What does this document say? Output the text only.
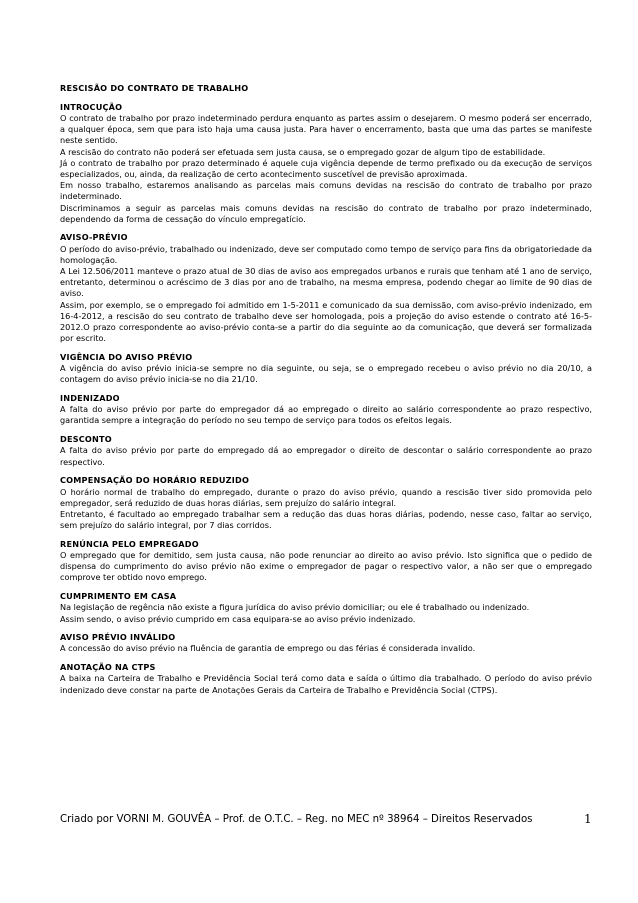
RESCISÃO DO CONTRATO DE TRABALHO

INTROCUÇÃO

O contrato de trabalho por prazo indeterminado perdura enquanto as partes assim o desejarem. O mesmo poderá ser encerrado, a qualquer época, sem que para isto haja uma causa justa. Para haver o encerramento, basta que uma das partes se manifeste neste sentido.

A rescisão do contrato não poderá ser efetuada sem justa causa, se o empregado gozar de algum tipo de estabilidade.

Já o contrato de trabalho por prazo determinado é aquele cuja vigência depende de termo prefixado ou da execução de serviços especializados, ou, ainda, da realização de certo acontecimento suscetível de previsão aproximada.

Em nosso trabalho, estaremos analisando as parcelas mais comuns devidas na rescisão do contrato de trabalho por prazo indeterminado.

Discriminamos a seguir as parcelas mais comuns devidas na rescisão do contrato de trabalho por prazo indeterminado, dependendo da forma de cessação do vínculo empregatício.

AVISO-PRÉVIO

O período do aviso-prévio, trabalhado ou indenizado, deve ser computado como tempo de serviço para fins da obrigatoriedade da homologação.

A Lei 12.506/2011 manteve o prazo atual de 30 dias de aviso aos empregados urbanos e rurais que tenham até 1 ano de serviço, entretanto, determinou o acréscimo de 3 dias por ano de trabalho, na mesma empresa, podendo chegar ao limite de 90 dias de aviso.

Assim, por exemplo, se o empregado foi admitido em 1-5-2011 e comunicado da sua demissão, com aviso-prévio indenizado, em 16-4-2012, a rescisão do seu contrato de trabalho deve ser homologada, pois a projeção do aviso estende o contrato até 16-5-2012.O prazo correspondente ao aviso-prévio conta-se a partir do dia seguinte ao da comunicação, que deverá ser formalizada por escrito.

VIGÊNCIA DO AVISO PRÉVIO

A vigência do aviso prévio inicia-se sempre no dia seguinte, ou seja, se o empregado recebeu o aviso prévio no dia 20/10, a contagem do aviso prévio inicia-se no dia 21/10.

INDENIZADO

A falta do aviso prévio por parte do empregador dá ao empregado o direito ao salário correspondente ao prazo respectivo, garantida sempre a integração do período no seu tempo de serviço para todos os efeitos legais.

DESCONTO

A falta do aviso prévio por parte do empregado dá ao empregador o direito de descontar o salário correspondente ao prazo respectivo.

COMPENSAÇÃO DO HORÁRIO REDUZIDO

O horário normal de trabalho do empregado, durante o prazo do aviso prévio, quando a rescisão tiver sido promovida pelo empregador, será reduzido de duas horas diárias, sem prejuízo do salário integral.

Entretanto, é facultado ao empregado trabalhar sem a redução das duas horas diárias, podendo, nesse caso, faltar ao serviço, sem prejuízo do salário integral, por 7 dias corridos.

RENÚNCIA PELO EMPREGADO

O empregado que for demitido, sem justa causa, não pode renunciar ao direito ao aviso prévio. Isto significa que o pedido de dispensa do cumprimento do aviso prévio não exime o empregador de pagar o respectivo valor, a não ser que o empregado comprove ter obtido novo emprego.

CUMPRIMENTO EM CASA

Na legislação de regência não existe a figura jurídica do aviso prévio domiciliar; ou ele é trabalhado ou indenizado.

Assim sendo, o aviso prévio cumprido em casa equipara-se ao aviso prévio indenizado.

AVISO PRÉVIO INVÁLIDO

A concessão do aviso prévio na fluência de garantia de emprego ou das férias é considerada invalido.

ANOTAÇÃO NA CTPS

A baixa na Carteira de Trabalho e Previdência Social terá como data e saída o último dia trabalhado. O período do aviso prévio indenizado deve constar na parte de Anotações Gerais da Carteira de Trabalho e Previdência Social (CTPS).

Criado por VORNI M. GOUVÊA – Prof. de O.T.C. – Reg. no MEC nº 38964 – Direitos Reservados	1
